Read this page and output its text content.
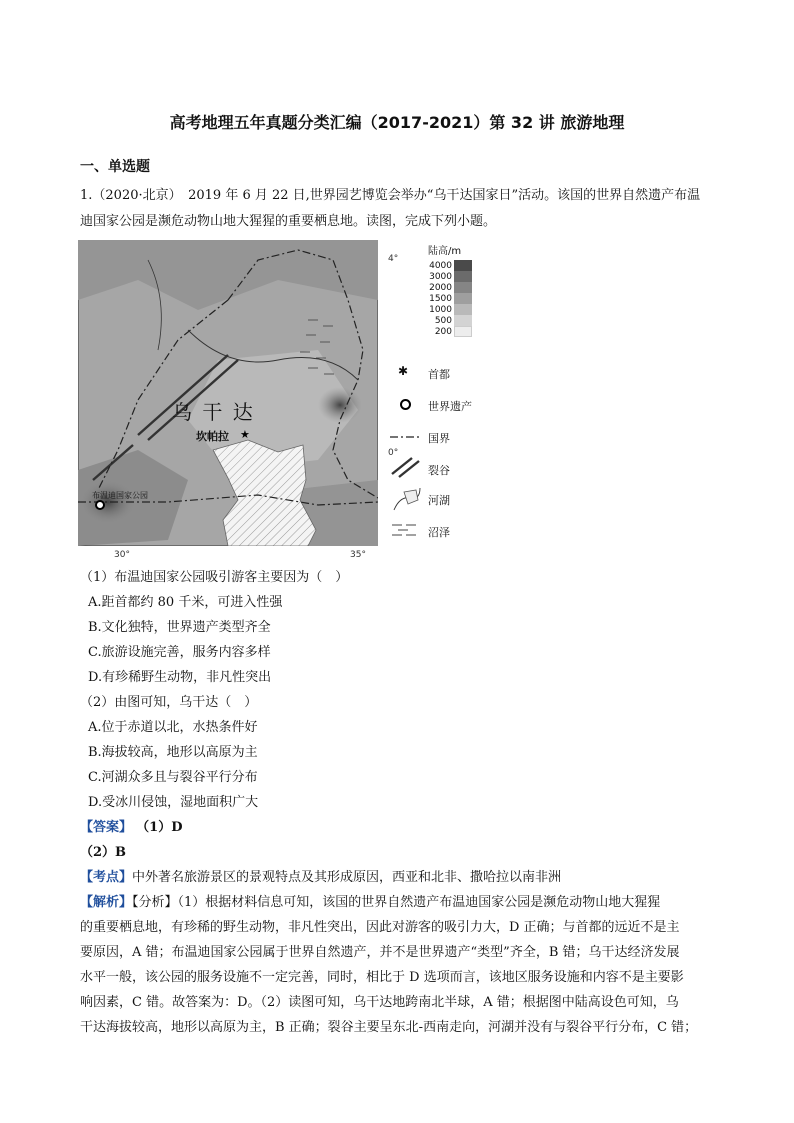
高考地理五年真题分类汇编（2017-2021）第 32 讲 旅游地理
一、单选题
1.（2020·北京）　2019 年 6 月 22 日,世界园艺博览会举办“乌干达国家日”活动。该国的世界自然遗产布温
迪国家公园是濒危动物山地大猩猩的重要栖息地。读图，完成下列小题。
★
乌 干 达
坎帕拉
布温迪国家公园
4°
0°
30°	35°
陆高/m
4000
3000
2000
1500
1000
500
200
✱ 首都
世界遗产
国界
裂谷
河湖
沼泽
（1）布温迪国家公园吸引游客主要因为（　）
A.距首都约 80 千米，可进入性强
B.文化独特，世界遗产类型齐全
C.旅游设施完善，服务内容多样
D.有珍稀野生动物，非凡性突出
（2）由图可知，乌干达（　）
A.位于赤道以北，水热条件好
B.海拔较高，地形以高原为主
C.河湖众多且与裂谷平行分布
D.受冰川侵蚀，湿地面积广大
【答案】 （1）D
（2）B
【考点】中外著名旅游景区的景观特点及其形成原因，西亚和北非、撒哈拉以南非洲
【解析】【分析】（1）根据材料信息可知，该国的世界自然遗产布温迪国家公园是濒危动物山地大猩猩
的重要栖息地，有珍稀的野生动物，非凡性突出，因此对游客的吸引力大，D 正确；与首都的远近不是主
要原因，A 错；布温迪国家公园属于世界自然遗产，并不是世界遗产“类型”齐全，B 错；乌干达经济发展
水平一般，该公园的服务设施不一定完善，同时，相比于 D 选项而言，该地区服务设施和内容不是主要影
响因素，C 错。故答案为：D。（2）读图可知，乌干达地跨南北半球，A 错；根据图中陆高设色可知，乌
干达海拔较高，地形以高原为主，B 正确；裂谷主要呈东北-西南走向，河湖并没有与裂谷平行分布，C 错；
